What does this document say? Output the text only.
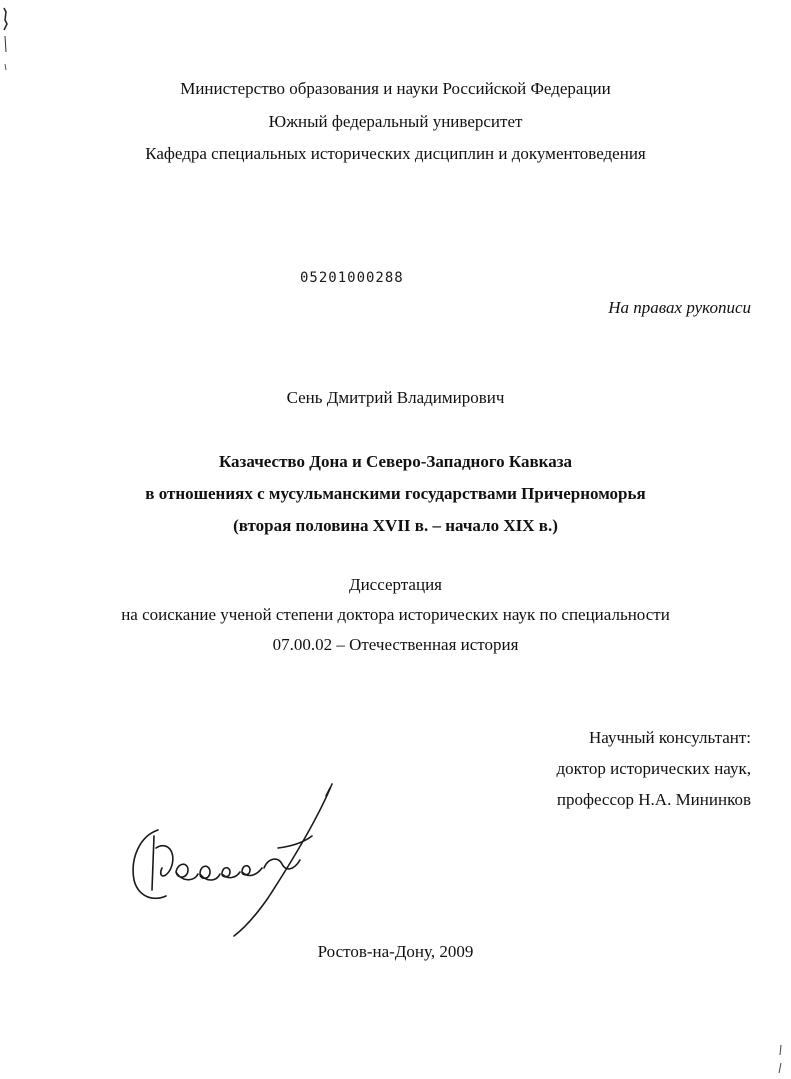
Министерство образования и науки Российской Федерации
Южный федеральный университет
Кафедра специальных исторических дисциплин и документоведения
05201000288
На правах рукописи
Сень Дмитрий Владимирович
Казачество Дона и Северо-Западного Кавказа
в отношениях с мусульманскими государствами Причерноморья
(вторая половина XVII в. – начало XIX в.)
Диссертация
на соискание ученой степени доктора исторических наук по специальности
07.00.02 – Отечественная история
Научный консультант:
доктор исторических наук,
профессор Н.А. Мининков
Ростов-на-Дону, 2009
